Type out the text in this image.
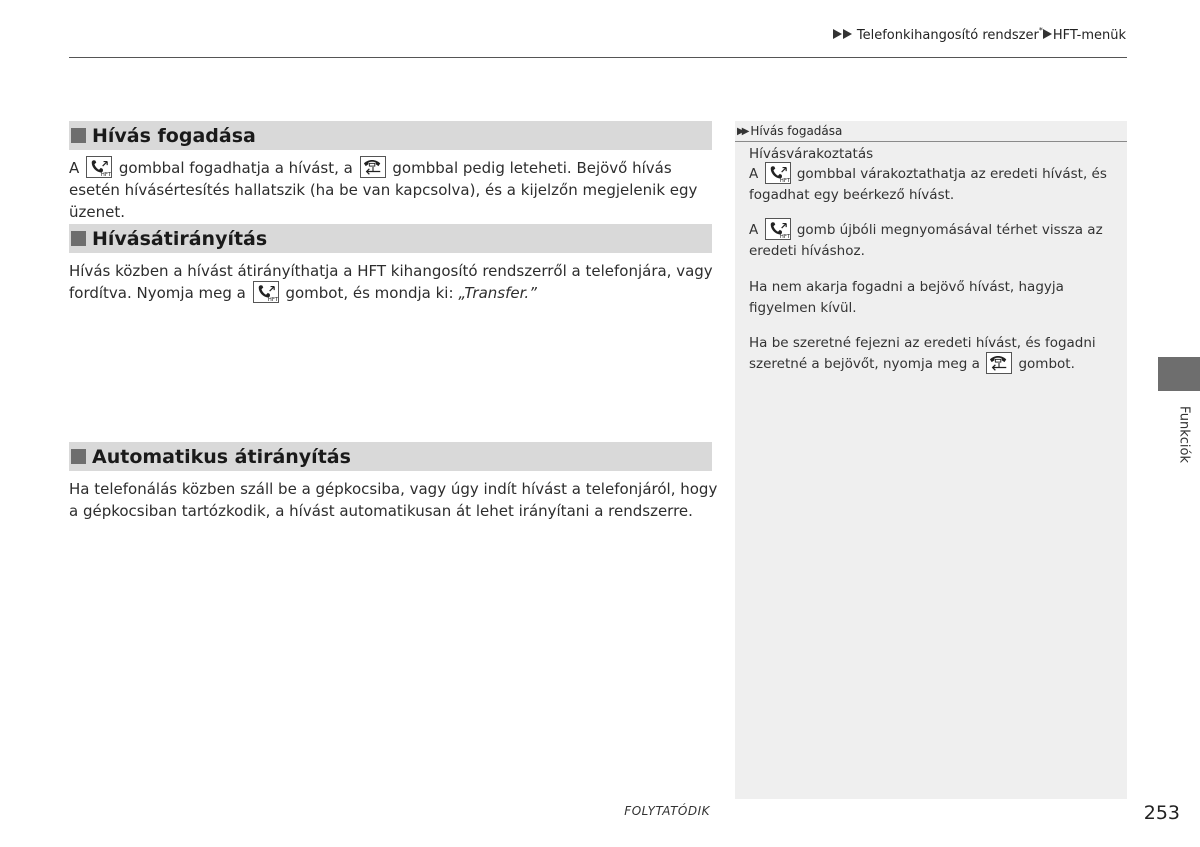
Telefonkihangosító rendszer* HFT-menük
Hívás fogadása
A	gombbal fogadhatja a hívást, a	gombbal pedig leteheti. Bejövő hívás esetén hívásértesítés hallatszik (ha be van kapcsolva), és a kijelzőn megjelenik egy üzenet.
Hívásátirányítás
Hívás közben a hívást átirányíthatja a HFT kihangosító rendszerről a telefonjára, vagy fordítva. Nyomja meg a	gombot, és mondja ki: „Transfer.”
Automatikus átirányítás
Ha telefonálás közben száll be a gépkocsiba, vagy úgy indít hívást a telefonjáról, hogy a gépkocsiban tartózkodik, a hívást automatikusan át lehet irányítani a rendszerre.
▶▶ Hívás fogadása
Hívásvárakoztatás
A	gombbal várakoztathatja az eredeti hívást, és fogadhat egy beérkező hívást.
A	gomb újbóli megnyomásával térhet vissza az eredeti híváshoz.
Ha nem akarja fogadni a bejövő hívást, hagyja figyelmen kívül.
Ha be szeretné fejezni az eredeti hívást, és fogadni szeretné a bejövőt, nyomja meg a	gombot.
Funkciók
FOLYTATÓDIK	253
